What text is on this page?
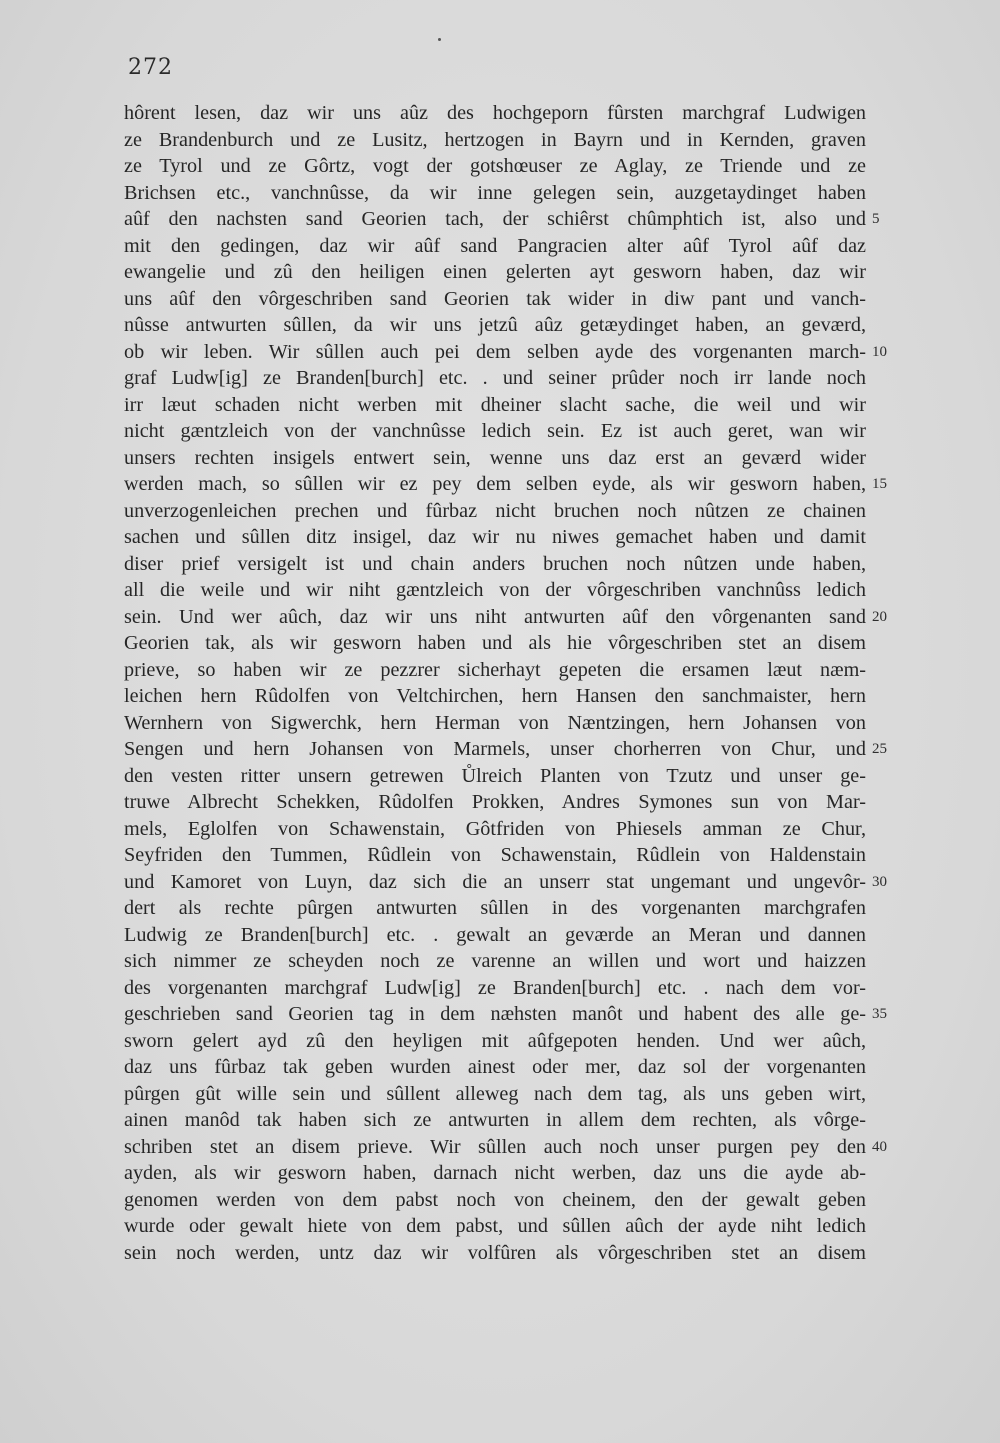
272
hôrent lesen, daz wir uns aûz des hochgeporn fûrsten marchgraf Ludwigen
ze Brandenburch und ze Lusitz, hertzogen in Bayrn und in Kernden, graven
ze Tyrol und ze Gôrtz, vogt der gotshœuser ze Aglay, ze Triende und ze
Brichsen etc., vanchnûsse, da wir inne gelegen sein, auzgetaydinget haben
aûf den nachsten sand Georien tach, der schiêrst chûmphtich ist, also und 5
mit den gedingen, daz wir aûf sand Pangracien alter aûf Tyrol aûf daz
ewangelie und zû den heiligen einen gelerten ayt gesworn haben, daz wir
uns aûf den vôrgeschriben sand Georien tak wider in diw pant und vanch-
nûsse antwurten sûllen, da wir uns jetzû aûz getæydinget haben, an geværd,
ob wir leben. Wir sûllen auch pei dem selben ayde des vorgenanten march- 10
graf Ludw[ig] ze Branden[burch] etc. . und seiner prûder noch irr lande noch
irr læut schaden nicht werben mit dheiner slacht sache, die weil und wir
nicht gæntzleich von der vanchnûsse ledich sein. Ez ist auch geret, wan wir
unsers rechten insigels entwert sein, wenne uns daz erst an geværd wider
werden mach, so sûllen wir ez pey dem selben eyde, als wir gesworn haben, 15
unverzogenleichen prechen und fûrbaz nicht bruchen noch nûtzen ze chainen
sachen und sûllen ditz insigel, daz wir nu niwes gemachet haben und damit
diser prief versigelt ist und chain anders bruchen noch nûtzen unde haben,
all die weile und wir niht gæntzleich von der vôrgeschriben vanchnûss ledich
sein. Und wer aûch, daz wir uns niht antwurten aûf den vôrgenanten sand 20
Georien tak, als wir gesworn haben und als hie vôrgeschriben stet an disem
prieve, so haben wir ze pezzrer sicherhayt gepeten die ersamen læut næm-
leichen hern Rûdolfen von Veltchirchen, hern Hansen den sanchmaister, hern
Wernhern von Sigwerchk, hern Herman von Næntzingen, hern Johansen von
Sengen und hern Johansen von Marmels, unser chorherren von Chur, und 25
den vesten ritter unsern getrewen Ůlreich Planten von Tzutz und unser ge-
truwe Albrecht Schekken, Rûdolfen Prokken, Andres Symones sun von Mar-
mels, Eglolfen von Schawenstain, Gôtfriden von Phiesels amman ze Chur,
Seyfriden den Tummen, Rûdlein von Schawenstain, Rûdlein von Haldenstain
und Kamoret von Luyn, daz sich die an unserr stat ungemant und ungevôr- 30
dert als rechte pûrgen antwurten sûllen in des vorgenanten marchgrafen
Ludwig ze Branden[burch] etc. . gewalt an geværde an Meran und dannen
sich nimmer ze scheyden noch ze varenne an willen und wort und haizzen
des vorgenanten marchgraf Ludw[ig] ze Branden[burch] etc. . nach dem vor-
geschrieben sand Georien tag in dem næhsten manôt und habent des alle ge- 35
sworn gelert ayd zû den heyligen mit aûfgepoten henden. Und wer aûch,
daz uns fûrbaz tak geben wurden ainest oder mer, daz sol der vorgenanten
pûrgen gût wille sein und sûllent alleweg nach dem tag, als uns geben wirt,
ainen manôd tak haben sich ze antwurten in allem dem rechten, als vôrge-
schriben stet an disem prieve. Wir sûllen auch noch unser purgen pey den 40
ayden, als wir gesworn haben, darnach nicht werben, daz uns die ayde ab-
genomen werden von dem pabst noch von cheinem, den der gewalt geben
wurde oder gewalt hiete von dem pabst, und sûllen aûch der ayde niht ledich
sein noch werden, untz daz wir volfûren als vôrgeschriben stet an disem
